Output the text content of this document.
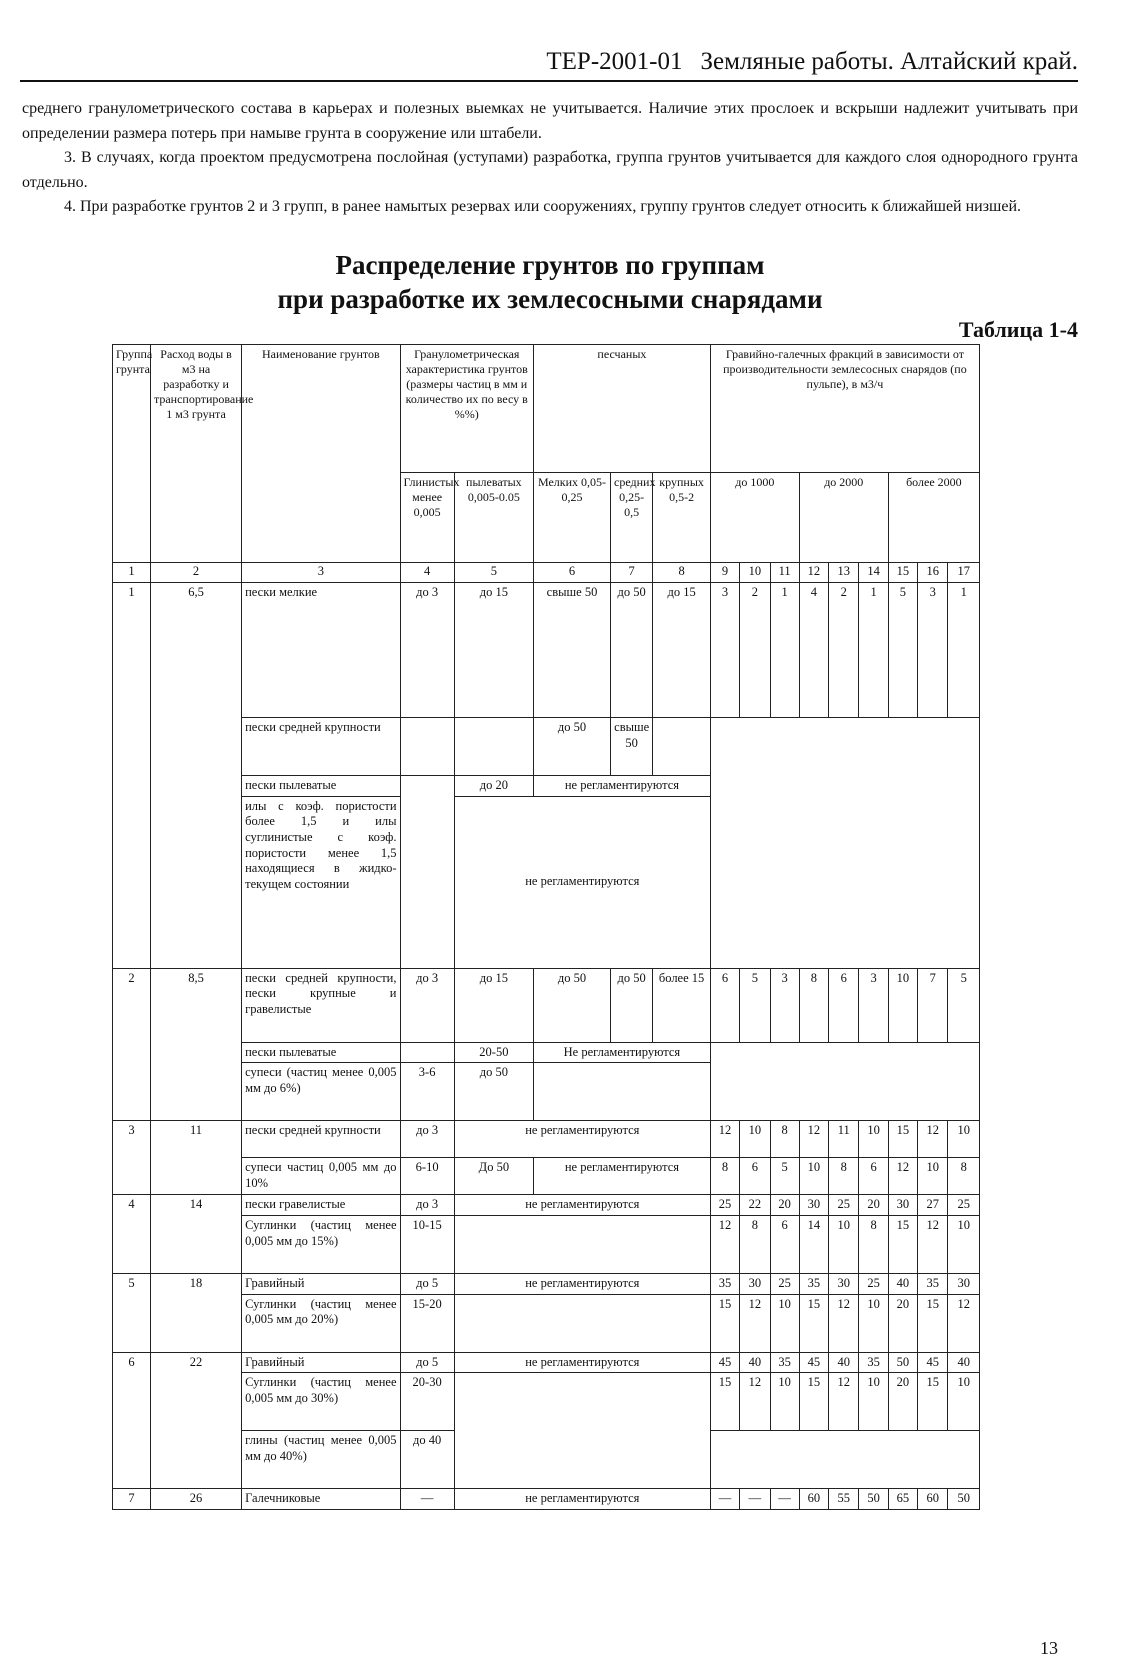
ТЕР-2001-01 Земляные работы. Алтайский край.

среднего гранулометрического состава в карьерах и полезных выемках не учитывается. Наличие этих прослоек и вскрыши надлежит учитывать при определении размера потерь при намыве грунта в сооружение или штабели.

3. В случаях, когда проектом предусмотрена послойная (уступами) разработка, группа грунтов учитывается для каждого слоя однородного грунта отдельно.

4. При разработке грунтов 2 и 3 групп, в ранее намытых резервах или сооружениях, группу грунтов следует относить к ближайшей низшей.

Распределение грунтов по группам
при разработке их землесосными снарядами
Таблица 1-4
Группа грунта	Расход воды в м3 на разработку и транспортирование 1 м3 грунта	Наименование грунтов	Гранулометрическая характеристика грунтов (размеры частиц в мм и количество их по весу в %%)		песчаных			Гравийно-галечных фракций в зависимости от производительности землесосных снарядов (по пульпе), в м3/ч								
			Глинистых менее 0,005	пылеватых 0,005-0.05	Мелких 0,05-0,25	средних 0,25-0,5	крупных 0,5-2	до 1000			до 2000			более 2000		
1	2	3	4	5	6	7	8	9	10	11	12	13	14	15	16	17
1	6,5	пески мелкие	до 3	до 15	свыше 50	до 50	до 15	3	2	1	4	2	1	5	3	1
		пески средней крупности			до 50	свыше 50										
		пески пылеватые		до 20	не регламентируются											
		илы с коэф. пористости более 1,5 и илы суглинистые с коэф. пористости менее 1,5 находящиеся в жидко-текущем состоянии		не регламентируются												
2	8,5	пески средней крупности, пески крупные и гравелистые	до 3	до 15	до 50	до 50	более 15	6	5	3	8	6	3	10	7	5
		пески пылеватые		20-50	Не регламентируются											
		супеси (частиц менее 0,005 мм до 6%)	3-6	до 50												
3	11	пески средней крупности	до 3	не регламентируются				12	10	8	12	11	10	15	12	10
		супеси частиц 0,005 мм до 10%	6-10	До 50	не регламентируются			8	6	5	10	8	6	12	10	8
4	14	пески гравелистые	до 3	не регламентируются				25	22	20	30	25	20	30	27	25
		Суглинки (частиц менее 0,005 мм до 15%)	10-15					12	8	6	14	10	8	15	12	10
5	18	Гравийный	до 5	не регламентируются				35	30	25	35	30	25	40	35	30
		Суглинки (частиц менее 0,005 мм до 20%)	15-20					15	12	10	15	12	10	20	15	12
6	22	Гравийный	до 5	не регламентируются				45	40	35	45	40	35	50	45	40
		Суглинки (частиц менее 0,005 мм до 30%)	20-30					15	12	10	15	12	10	20	15	10
		глины (частиц менее 0,005 мм до 40%)	до 40													
7	26	Галечниковые	—	не регламентируются				—	—	—	60	55	50	65	60	50
13
